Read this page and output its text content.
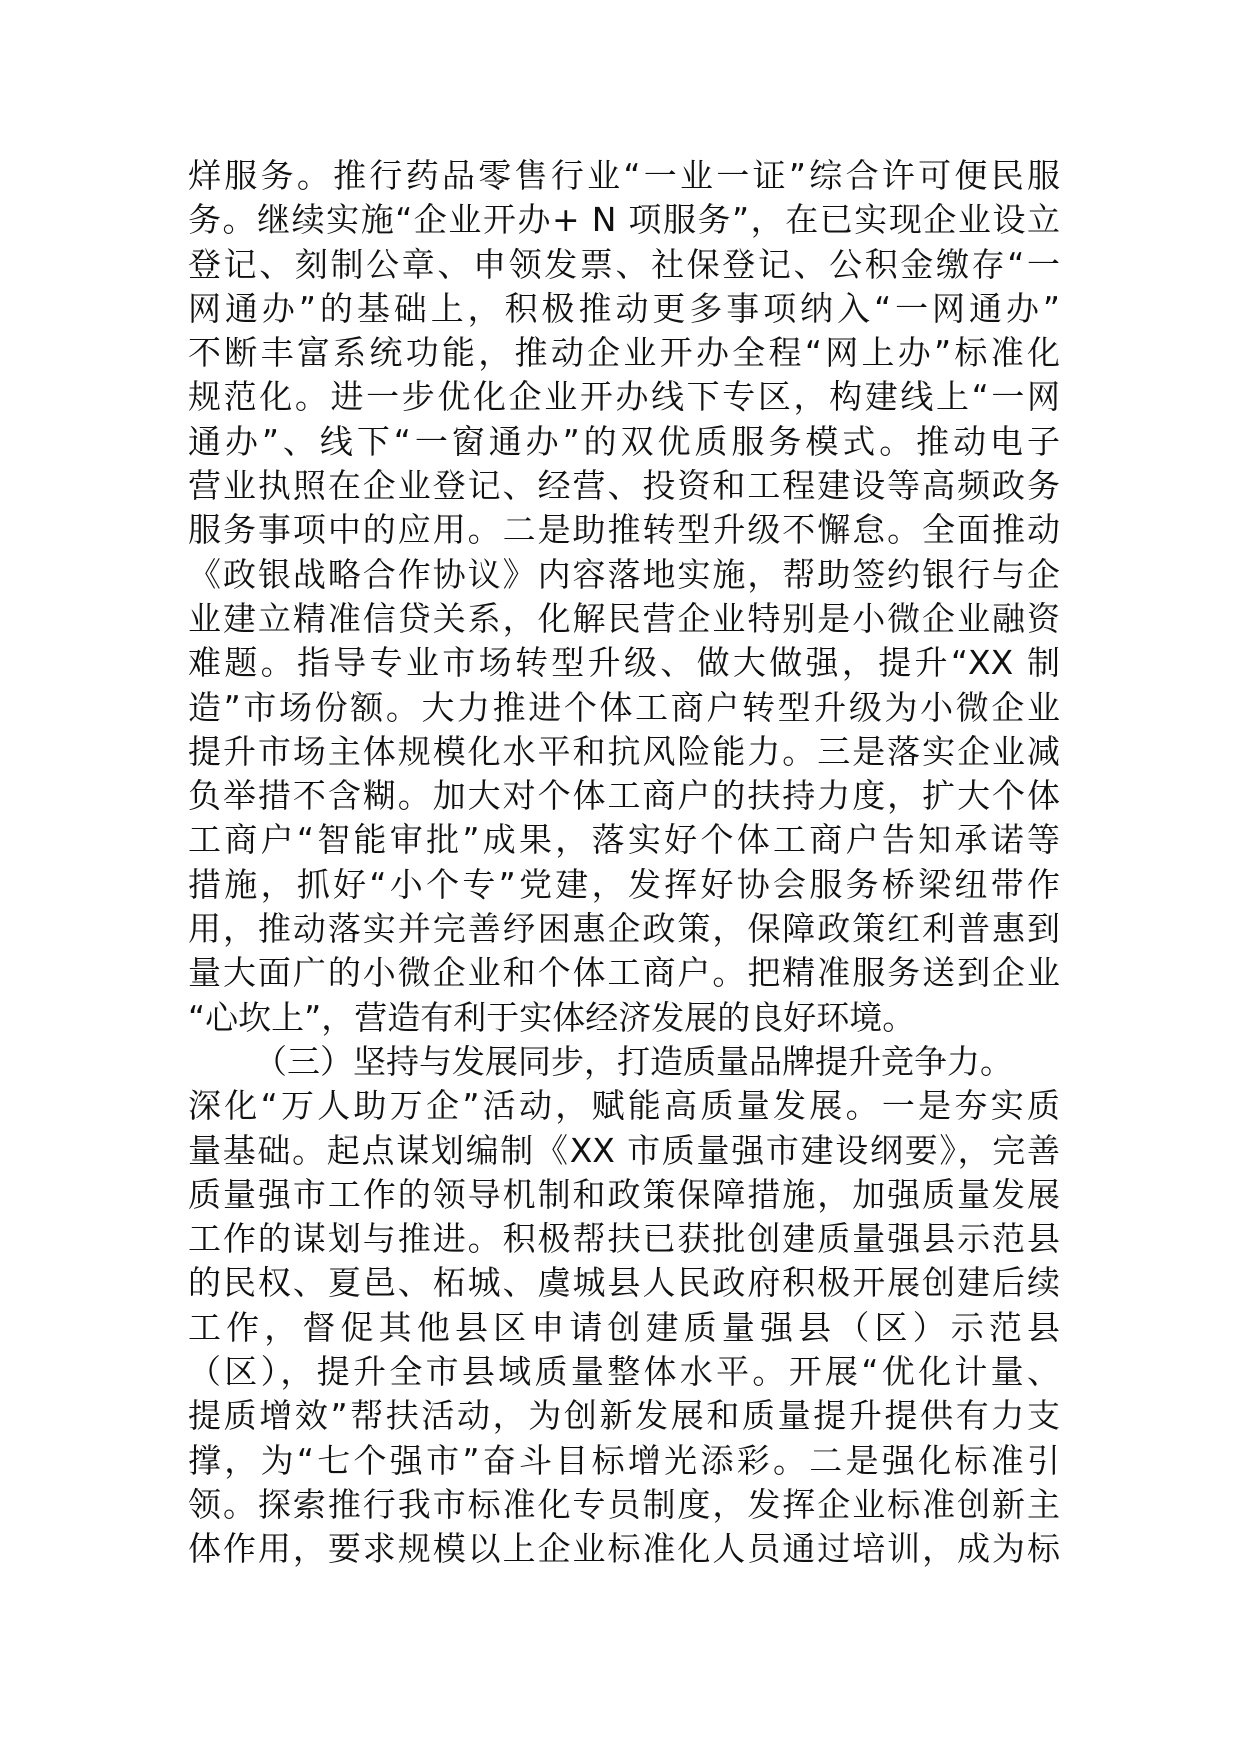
烊服务。推行药品零售行业“一业一证”综合许可便民服
务。继续实施“企业开办+ N 项服务”，在已实现企业设立
登记、刻制公章、申领发票、社保登记、公积金缴存“一
网通办”的基础上，积极推动更多事项纳入“一网通办”
不断丰富系统功能，推动企业开办全程“网上办”标准化
规范化。进一步优化企业开办线下专区，构建线上“一网
通办”、线下“一窗通办”的双优质服务模式。推动电子
营业执照在企业登记、经营、投资和工程建设等高频政务
服务事项中的应用。二是助推转型升级不懈怠。全面推动
《政银战略合作协议》内容落地实施，帮助签约银行与企
业建立精准信贷关系，化解民营企业特别是小微企业融资
难题。指导专业市场转型升级、做大做强，提升“XX 制
造”市场份额。大力推进个体工商户转型升级为小微企业
提升市场主体规模化水平和抗风险能力。三是落实企业减
负举措不含糊。加大对个体工商户的扶持力度，扩大个体
工商户“智能审批”成果，落实好个体工商户告知承诺等
措施，抓好“小个专”党建，发挥好协会服务桥梁纽带作
用，推动落实并完善纾困惠企政策，保障政策红利普惠到
量大面广的小微企业和个体工商户。把精准服务送到企业
“心坎上”，营造有利于实体经济发展的良好环境。
（三）坚持与发展同步，打造质量品牌提升竞争力。
深化“万人助万企”活动，赋能高质量发展。一是夯实质
量基础。起点谋划编制《XX 市质量强市建设纲要》，完善
质量强市工作的领导机制和政策保障措施，加强质量发展
工作的谋划与推进。积极帮扶已获批创建质量强县示范县
的民权、夏邑、柘城、虞城县人民政府积极开展创建后续
工作，督促其他县区申请创建质量强县（区）示范县
（区），提升全市县域质量整体水平。开展“优化计量、
提质增效”帮扶活动，为创新发展和质量提升提供有力支
撑，为“七个强市”奋斗目标增光添彩。二是强化标准引
领。探索推行我市标准化专员制度，发挥企业标准创新主
体作用，要求规模以上企业标准化人员通过培训，成为标
